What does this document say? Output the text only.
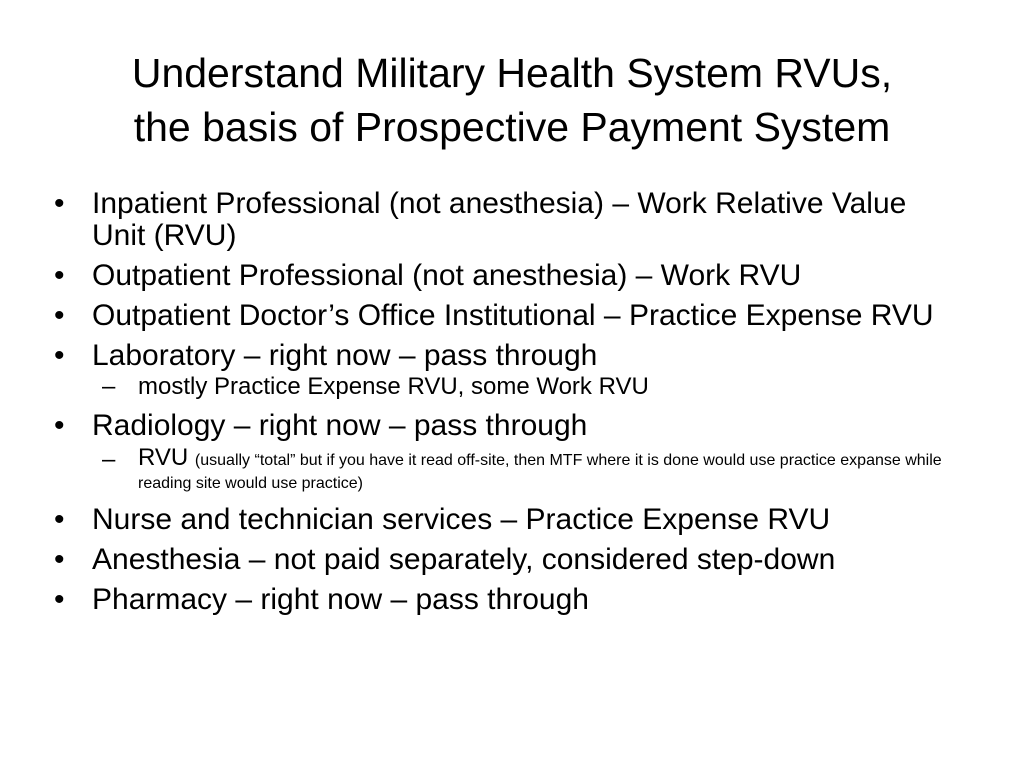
Understand Military Health System RVUs,
the basis of Prospective Payment System
• Inpatient Professional (not anesthesia) – Work Relative Value Unit (RVU)
• Outpatient Professional (not anesthesia) – Work RVU
• Outpatient Doctor’s Office Institutional – Practice Expense RVU
• Laboratory – right now – pass through
– mostly Practice Expense RVU, some Work RVU
• Radiology – right now – pass through
– RVU (usually “total” but if you have it read off-site, then MTF where it is done would use practice expanse while reading site would use practice)
• Nurse and technician services – Practice Expense RVU
• Anesthesia – not paid separately, considered step-down
• Pharmacy – right now – pass through
